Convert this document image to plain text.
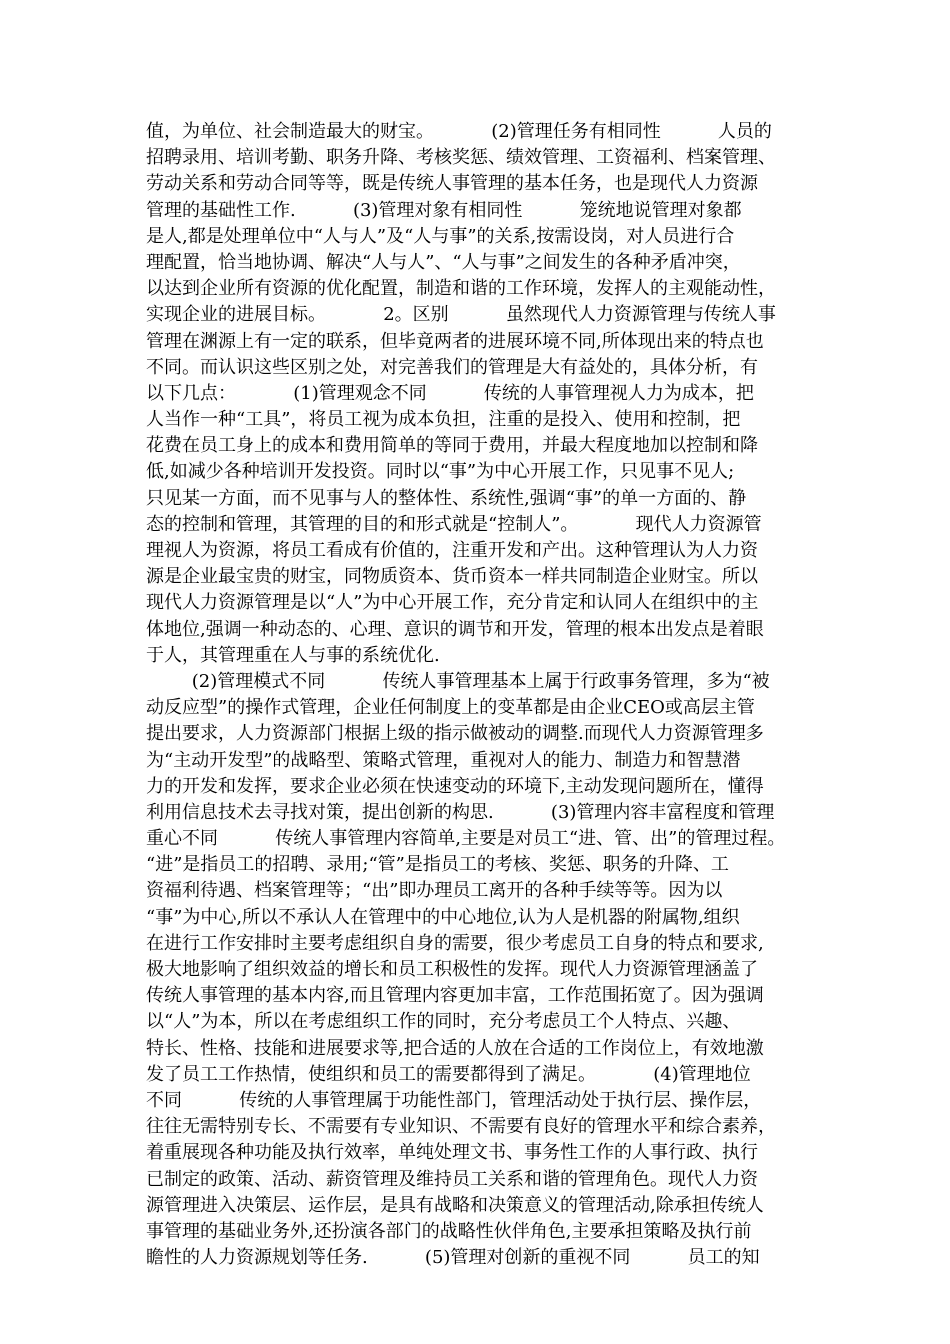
值，为单位、社会制造最大的财宝。          (2)管理任务有相同性          人员的
招聘录用、培训考勤、职务升降、考核奖惩、绩效管理、工资福利、档案管理、
劳动关系和劳动合同等等，既是传统人事管理的基本任务，也是现代人力资源
管理的基础性工作.          (3)管理对象有相同性          笼统地说管理对象都
是人,都是处理单位中“人与人”及“人与事”的关系,按需设岗，对人员进行合
理配置，恰当地协调、解决“人与人”、“人与事”之间发生的各种矛盾冲突，
以达到企业所有资源的优化配置，制造和谐的工作环境，发挥人的主观能动性，
实现企业的进展目标。          2。区别          虽然现代人力资源管理与传统人事
管理在渊源上有一定的联系，但毕竟两者的进展环境不同,所体现出来的特点也
不同。而认识这些区别之处，对完善我们的管理是大有益处的，具体分析，有
以下几点：          (1)管理观念不同          传统的人事管理视人力为成本，把
人当作一种“工具”，将员工视为成本负担，注重的是投入、使用和控制，把
花费在员工身上的成本和费用简单的等同于费用，并最大程度地加以控制和降
低,如减少各种培训开发投资。同时以“事”为中心开展工作，只见事不见人;
只见某一方面，而不见事与人的整体性、系统性,强调“事”的单一方面的、静
态的控制和管理，其管理的目的和形式就是“控制人”。          现代人力资源管
理视人为资源，将员工看成有价值的，注重开发和产出。这种管理认为人力资
源是企业最宝贵的财宝，同物质资本、货币资本一样共同制造企业财宝。所以
现代人力资源管理是以“人”为中心开展工作，充分肯定和认同人在组织中的主
体地位,强调一种动态的、心理、意识的调节和开发，管理的根本出发点是着眼
于人，其管理重在人与事的系统优化.
(2)管理模式不同          传统人事管理基本上属于行政事务管理，多为“被
动反应型”的操作式管理，企业任何制度上的变革都是由企业CEO或高层主管
提出要求，人力资源部门根据上级的指示做被动的调整.而现代人力资源管理多
为“主动开发型”的战略型、策略式管理，重视对人的能力、制造力和智慧潜
力的开发和发挥，要求企业必须在快速变动的环境下,主动发现问题所在，懂得
利用信息技术去寻找对策，提出创新的构思.          (3)管理内容丰富程度和管理
重心不同          传统人事管理内容简单,主要是对员工“进、管、出”的管理过程。
“进”是指员工的招聘、录用;“管”是指员工的考核、奖惩、职务的升降、工
资福利待遇、档案管理等；“出”即办理员工离开的各种手续等等。因为以
“事”为中心,所以不承认人在管理中的中心地位,认为人是机器的附属物,组织
在进行工作安排时主要考虑组织自身的需要，很少考虑员工自身的特点和要求,
极大地影响了组织效益的增长和员工积极性的发挥。现代人力资源管理涵盖了
传统人事管理的基本内容,而且管理内容更加丰富，工作范围拓宽了。因为强调
以“人”为本，所以在考虑组织工作的同时，充分考虑员工个人特点、兴趣、
特长、性格、技能和进展要求等,把合适的人放在合适的工作岗位上，有效地激
发了员工工作热情，使组织和员工的需要都得到了满足。          (4)管理地位
不同          传统的人事管理属于功能性部门，管理活动处于执行层、操作层，
往往无需特别专长、不需要有专业知识、不需要有良好的管理水平和综合素养，
着重展现各种功能及执行效率，单纯处理文书、事务性工作的人事行政、执行
已制定的政策、活动、薪资管理及维持员工关系和谐的管理角色。现代人力资
源管理进入决策层、运作层，是具有战略和决策意义的管理活动,除承担传统人
事管理的基础业务外,还扮演各部门的战略性伙伴角色,主要承担策略及执行前
瞻性的人力资源规划等任务.          (5)管理对创新的重视不同          员工的知
